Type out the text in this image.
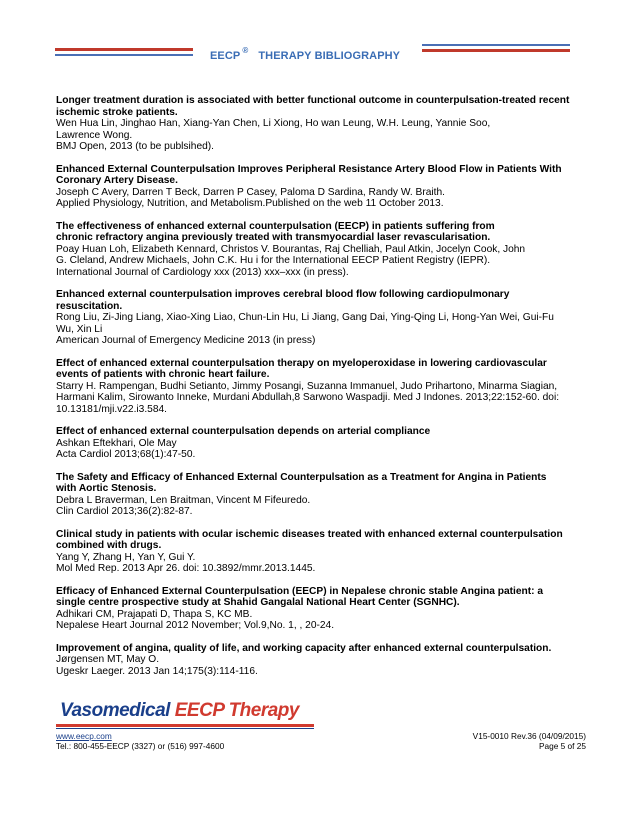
EECP ® THERAPY BIBLIOGRAPHY
Longer treatment duration is associated with better functional outcome in counterpulsation-treated recent
ischemic stroke patients.
Wen Hua Lin, Jinghao Han, Xiang-Yan Chen, Li Xiong, Ho wan Leung, W.H. Leung, Yannie Soo,
Lawrence Wong.
BMJ Open, 2013 (to be publsihed).
Enhanced External Counterpulsation Improves Peripheral Resistance Artery Blood Flow in Patients With
Coronary Artery Disease.
Joseph C Avery, Darren T Beck, Darren P Casey, Paloma D Sardina, Randy W. Braith.
Applied Physiology, Nutrition, and Metabolism.Published on the web 11 October 2013.
The effectiveness of enhanced external counterpulsation (EECP) in patients suffering from
chronic refractory angina previously treated with transmyocardial laser revascularisation.
Poay Huan Loh, Elizabeth Kennard, Christos V. Bourantas, Raj Chelliah, Paul Atkin, Jocelyn Cook, John
G. Cleland, Andrew Michaels, John C.K. Hu i for the International EECP Patient Registry (IEPR).
International Journal of Cardiology xxx (2013) xxx–xxx (in press).
Enhanced external counterpulsation improves cerebral blood flow following cardiopulmonary
resuscitation.
Rong Liu, Zi-Jing Liang, Xiao-Xing Liao, Chun-Lin Hu, Li Jiang, Gang Dai, Ying-Qing Li, Hong-Yan Wei, Gui-Fu
Wu, Xin Li
American Journal of Emergency Medicine 2013 (in press)
Effect of enhanced external counterpulsation therapy on myeloperoxidase in lowering cardiovascular
events of patients with chronic heart failure.
Starry H. Rampengan, Budhi Setianto, Jimmy Posangi, Suzanna Immanuel, Judo Prihartono, Minarma Siagian,
Harmani Kalim, Sirowanto Inneke, Murdani Abdullah,8 Sarwono Waspadji. Med J Indones. 2013;22:152-60. doi:
10.13181/mji.v22.i3.584.
Effect of enhanced external counterpulsation depends on arterial compliance
Ashkan Eftekhari, Ole May
Acta Cardiol 2013;68(1):47-50.
The Safety and Efficacy of Enhanced External Counterpulsation as a Treatment for Angina in Patients
with Aortic Stenosis.
Debra L Braverman, Len Braitman, Vincent M Fifeuredo.
Clin Cardiol 2013;36(2):82-87.
Clinical study in patients with ocular ischemic diseases treated with enhanced external counterpulsation
combined with drugs.
Yang Y, Zhang H, Yan Y, Gui Y.
Mol Med Rep. 2013 Apr 26. doi: 10.3892/mmr.2013.1445.
Efficacy of Enhanced External Counterpulsation (EECP) in Nepalese chronic stable Angina patient: a
single centre prospective study at Shahid Gangalal National Heart Center (SGNHC).
Adhikari CM, Prajapati D, Thapa S, KC MB.
Nepalese Heart Journal 2012 November; Vol.9,No. 1, , 20-24.
Improvement of angina, quality of life, and working capacity after enhanced external counterpulsation.
Jørgensen MT, May O.
Ugeskr Laeger. 2013 Jan 14;175(3):114-116.
Vasomedical EECP Therapy
www.eecp.com	V15-0010 Rev.36 (04/09/2015)
Tel.: 800-455-EECP (3327) or (516) 997-4600	Page 5 of 25
